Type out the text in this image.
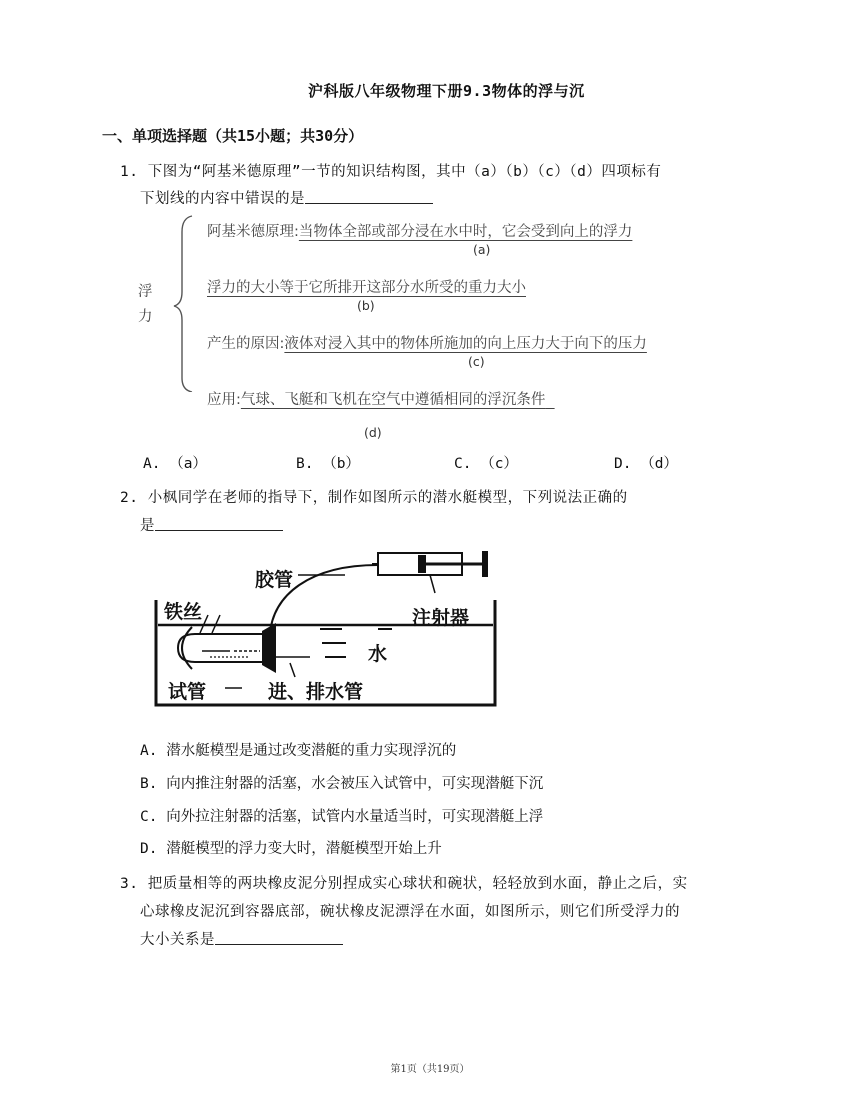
沪科版八年级物理下册9.3物体的浮与沉
一、单项选择题（共15小题；共30分）
1. 下图为“阿基米德原理”一节的知识结构图，其中（a）（b）（c）（d）四项标有
下划线的内容中错误的是
浮
力
阿基米德原理:当物体全部或部分浸在水中时，它会受到向上的浮力
(a)
浮力的大小等于它所排开这部分水所受的重力大小
(b)
产生的原因:液体对浸入其中的物体所施加的向上压力大于向下的压力
(c)
应用:气球、飞艇和飞机在空气中遵循相同的浮沉条件
(d)
A. （a）	B. （b）	C. （c）	D. （d）
2. 小枫同学在老师的指导下，制作如图所示的潜水艇模型，下列说法正确的
是
胶管
铁丝	注射器
水
试管	进、排水管
A. 潜水艇模型是通过改变潜艇的重力实现浮沉的
B. 向内推注射器的活塞，水会被压入试管中，可实现潜艇下沉
C. 向外拉注射器的活塞，试管内水量适当时，可实现潜艇上浮
D. 潜艇模型的浮力变大时，潜艇模型开始上升
3. 把质量相等的两块橡皮泥分别捏成实心球状和碗状，轻轻放到水面，静止之后，实
心球橡皮泥沉到容器底部，碗状橡皮泥漂浮在水面，如图所示，则它们所受浮力的
大小关系是
第1页（共19页）
